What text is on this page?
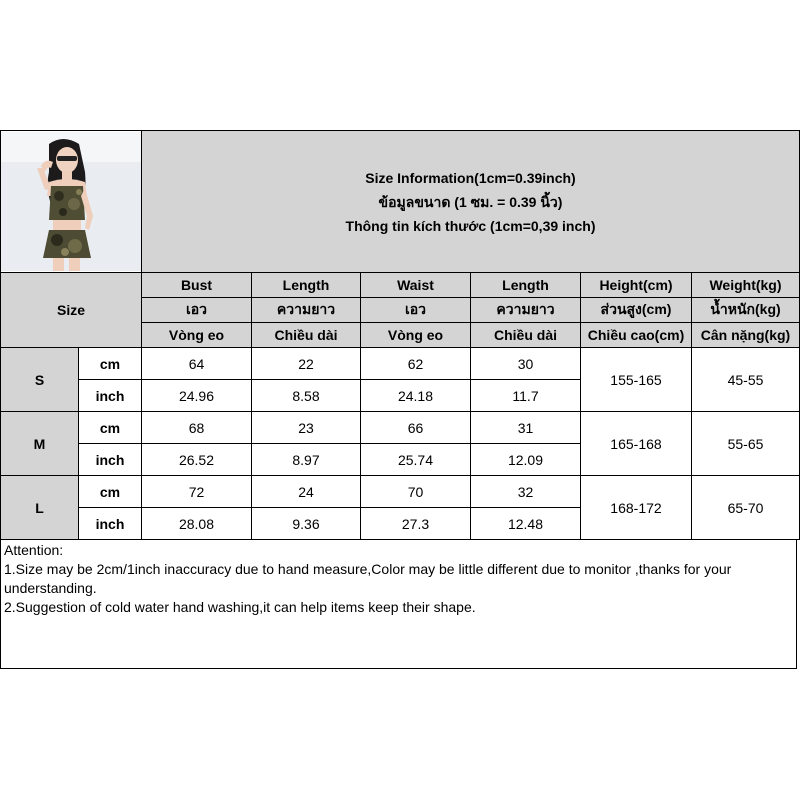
Size Information(1cm=0.39inch)
ข้อมูลขนาด (1 ซม. = 0.39 นิ้ว)
Thông tin kích thước (1cm=0,39 inch)					

Size		Bust	Length	Waist	Length	Height(cm)	Weight(kg)
		เอว	ความยาว	เอว	ความยาว	ส่วนสูง(cm)	น้ำหนัก(kg)
		Vòng eo	Chiều dài	Vòng eo	Chiều dài	Chiều cao(cm)	Cân nặng(kg)
S	cm	64	22	62	30	155-165	45-55
	inch	24.96	8.58	24.18	11.7		
M	cm	68	23	66	31	165-168	55-65
	inch	26.52	8.97	25.74	12.09		
L	cm	72	24	70	32	168-172	65-70
	inch	28.08	9.36	27.3	12.48		
Attention:
1.Size may be 2cm/1inch inaccuracy due to hand measure,Color may be little different due to monitor ,thanks for your understanding.
2.Suggestion of cold water hand washing,it can help items keep their shape.
